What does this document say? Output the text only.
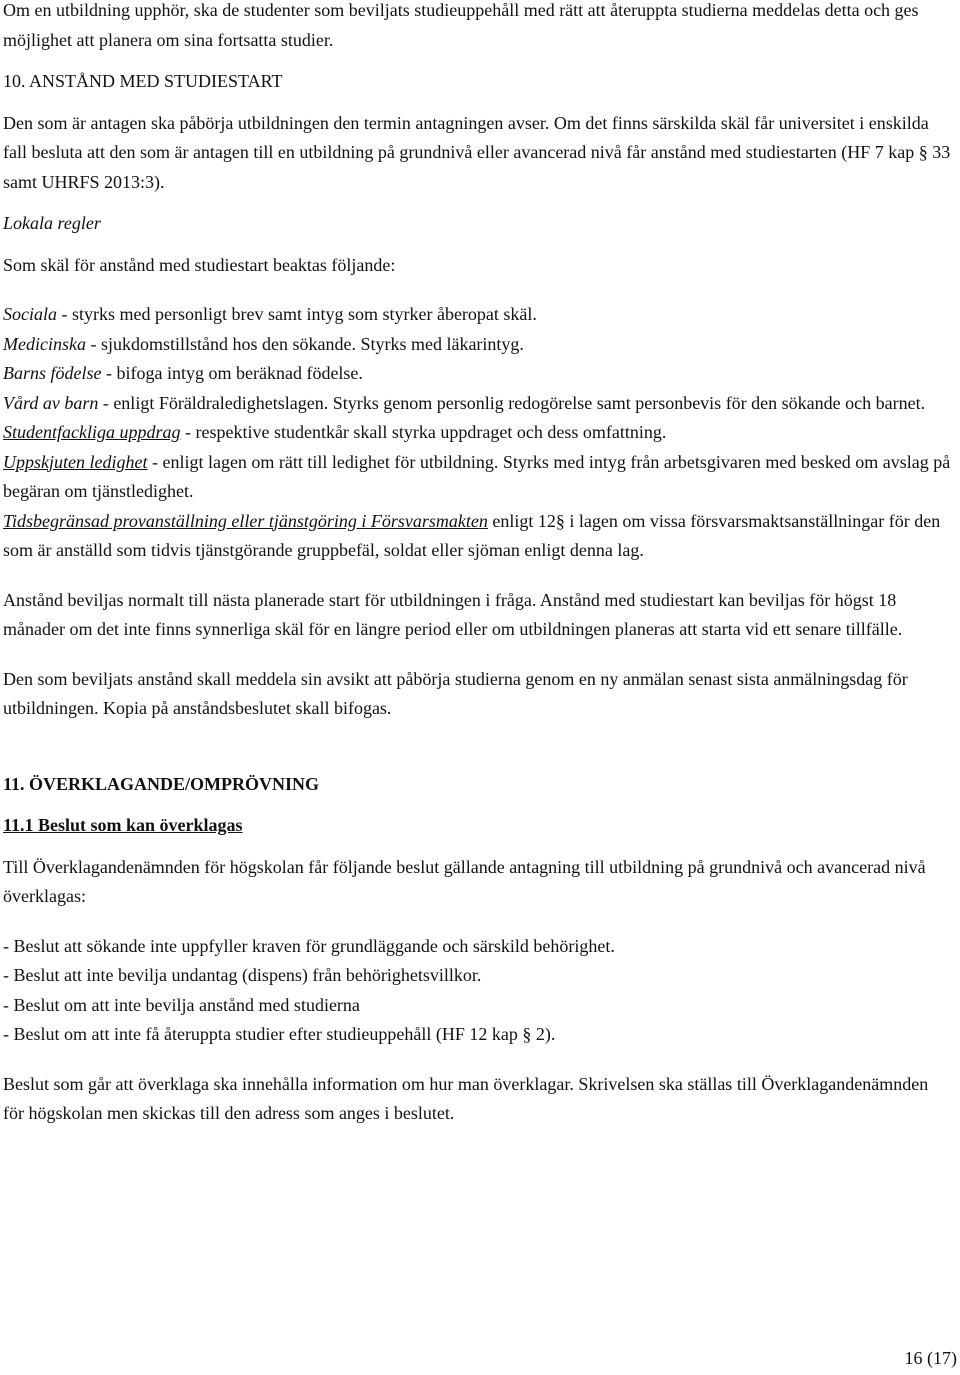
Om en utbildning upphör, ska de studenter som beviljats studieuppehåll med rätt att återuppta studierna meddelas detta och ges möjlighet att planera om sina fortsatta studier.

10. ANSTÅND MED STUDIESTART

Den som är antagen ska påbörja utbildningen den termin antagningen avser. Om det finns särskilda skäl får universitet i enskilda fall besluta att den som är antagen till en utbildning på grundnivå eller avancerad nivå får anstånd med studiestarten (HF 7 kap § 33 samt UHRFS 2013:3).

Lokala regler

Som skäl för anstånd med studiestart beaktas följande:

Sociala - styrks med personligt brev samt intyg som styrker åberopat skäl.

Medicinska - sjukdomstillstånd hos den sökande. Styrks med läkarintyg.

Barns födelse - bifoga intyg om beräknad födelse.

Vård av barn - enligt Föräldraledighetslagen. Styrks genom personlig redogörelse samt personbevis för den sökande och barnet.

Studentfackliga uppdrag - respektive studentkår skall styrka uppdraget och dess omfattning.

Uppskjuten ledighet - enligt lagen om rätt till ledighet för utbildning. Styrks med intyg från arbetsgivaren med besked om avslag på begäran om tjänstledighet.

Tidsbegränsad provanställning eller tjänstgöring i Försvarsmakten enligt 12§ i lagen om vissa försvarsmaktsanställningar för den som är anställd som tidvis tjänstgörande gruppbefäl, soldat eller sjöman enligt denna lag.

Anstånd beviljas normalt till nästa planerade start för utbildningen i fråga. Anstånd med studiestart kan beviljas för högst 18 månader om det inte finns synnerliga skäl för en längre period eller om utbildningen planeras att starta vid ett senare tillfälle.

Den som beviljats anstånd skall meddela sin avsikt att påbörja studierna genom en ny anmälan senast sista anmälningsdag för utbildningen. Kopia på anståndsbeslutet skall bifogas.

11. ÖVERKLAGANDE/OMPRÖVNING
11.1 Beslut som kan överklagas

Till Överklagandenämnden för högskolan får följande beslut gällande antagning till utbildning på grundnivå och avancerad nivå överklagas:

- Beslut att sökande inte uppfyller kraven för grundläggande och särskild behörighet.

- Beslut att inte bevilja undantag (dispens) från behörighetsvillkor.

- Beslut om att inte bevilja anstånd med studierna

- Beslut om att inte få återuppta studier efter studieuppehåll (HF 12 kap § 2).

Beslut som går att överklaga ska innehålla information om hur man överklagar. Skrivelsen ska ställas till Överklagandenämnden för högskolan men skickas till den adress som anges i beslutet.

16 (17)
